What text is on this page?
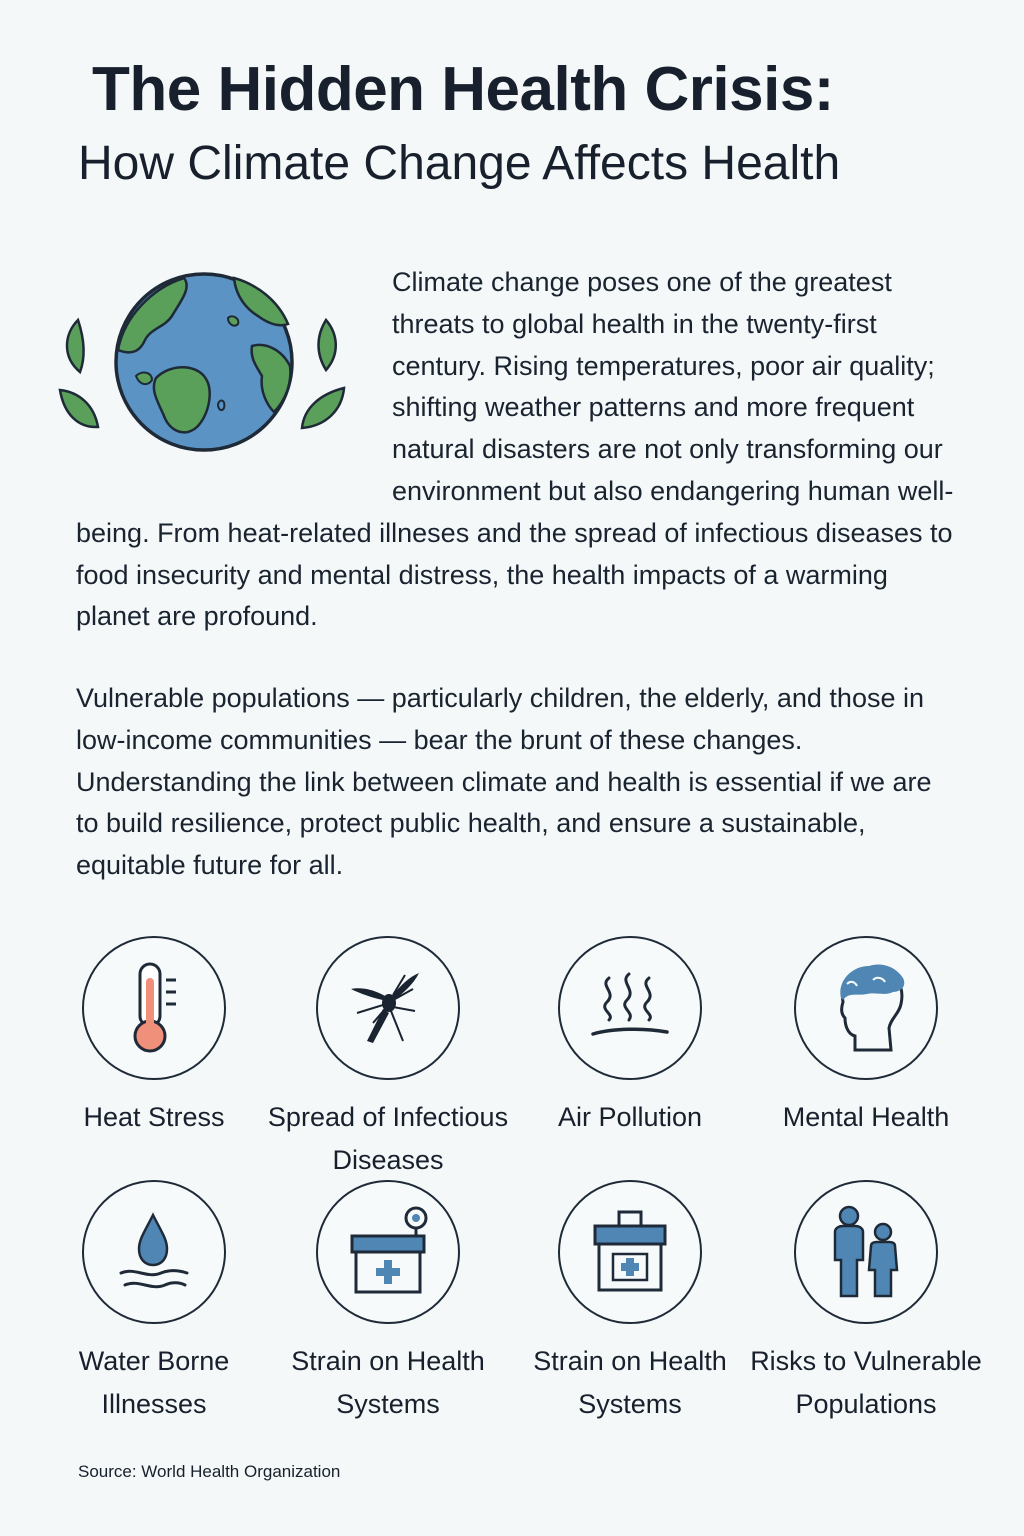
The Hidden Health Crisis:
How Climate Change Affects Health

Climate change poses one of the greatest threats to global health in the twenty-first century. Rising temperatures, poor air quality; shifting weather patterns and more frequent natural disasters are not only transforming our environment but also endangering human well-being. From heat-related illneses and the spread of infectious diseases to food insecurity and mental distress, the health impacts of a warming planet are profound.

Vulnerable populations — particularly children, the elderly, and those in low-income communities — bear the brunt of these changes. Understanding the link between climate and health is essential if we are to build resilience, protect public health, and ensure a sustainable, equitable future for all.

Heat Stress	Spread of Infectious Diseases
Air Pollution	Mental Health
Water Borne Illnesses
Strain on Health Systems
Strain on Health Systems
Risks to Vulnerable Populations
Source: World Health Organization
